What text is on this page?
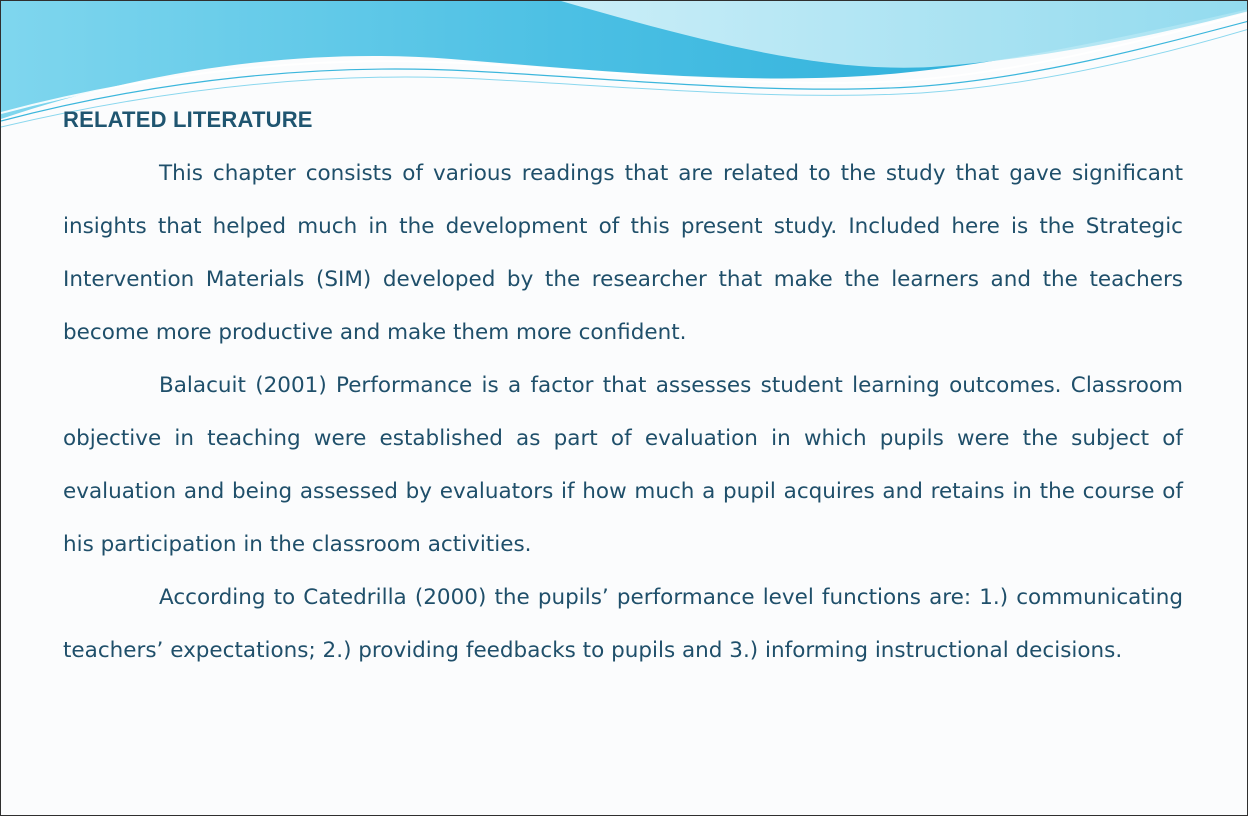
RELATED LITERATURE

This chapter consists of various readings that are related to the study that gave significant insights that helped much in the development of this present study. Included here is the Strategic Intervention Materials (SIM) developed by the researcher that make the learners and the teachers become more productive and make them more confident.

Balacuit (2001) Performance is a factor that assesses student learning outcomes. Classroom objective in teaching were established as part of evaluation in which pupils were the subject of evaluation and being assessed by evaluators if how much a pupil acquires and retains in the course of his participation in the classroom activities.

According to Catedrilla (2000) the pupils’ performance level functions are: 1.) communicating teachers’ expectations; 2.) providing feedbacks to pupils and 3.) informing instructional decisions.
